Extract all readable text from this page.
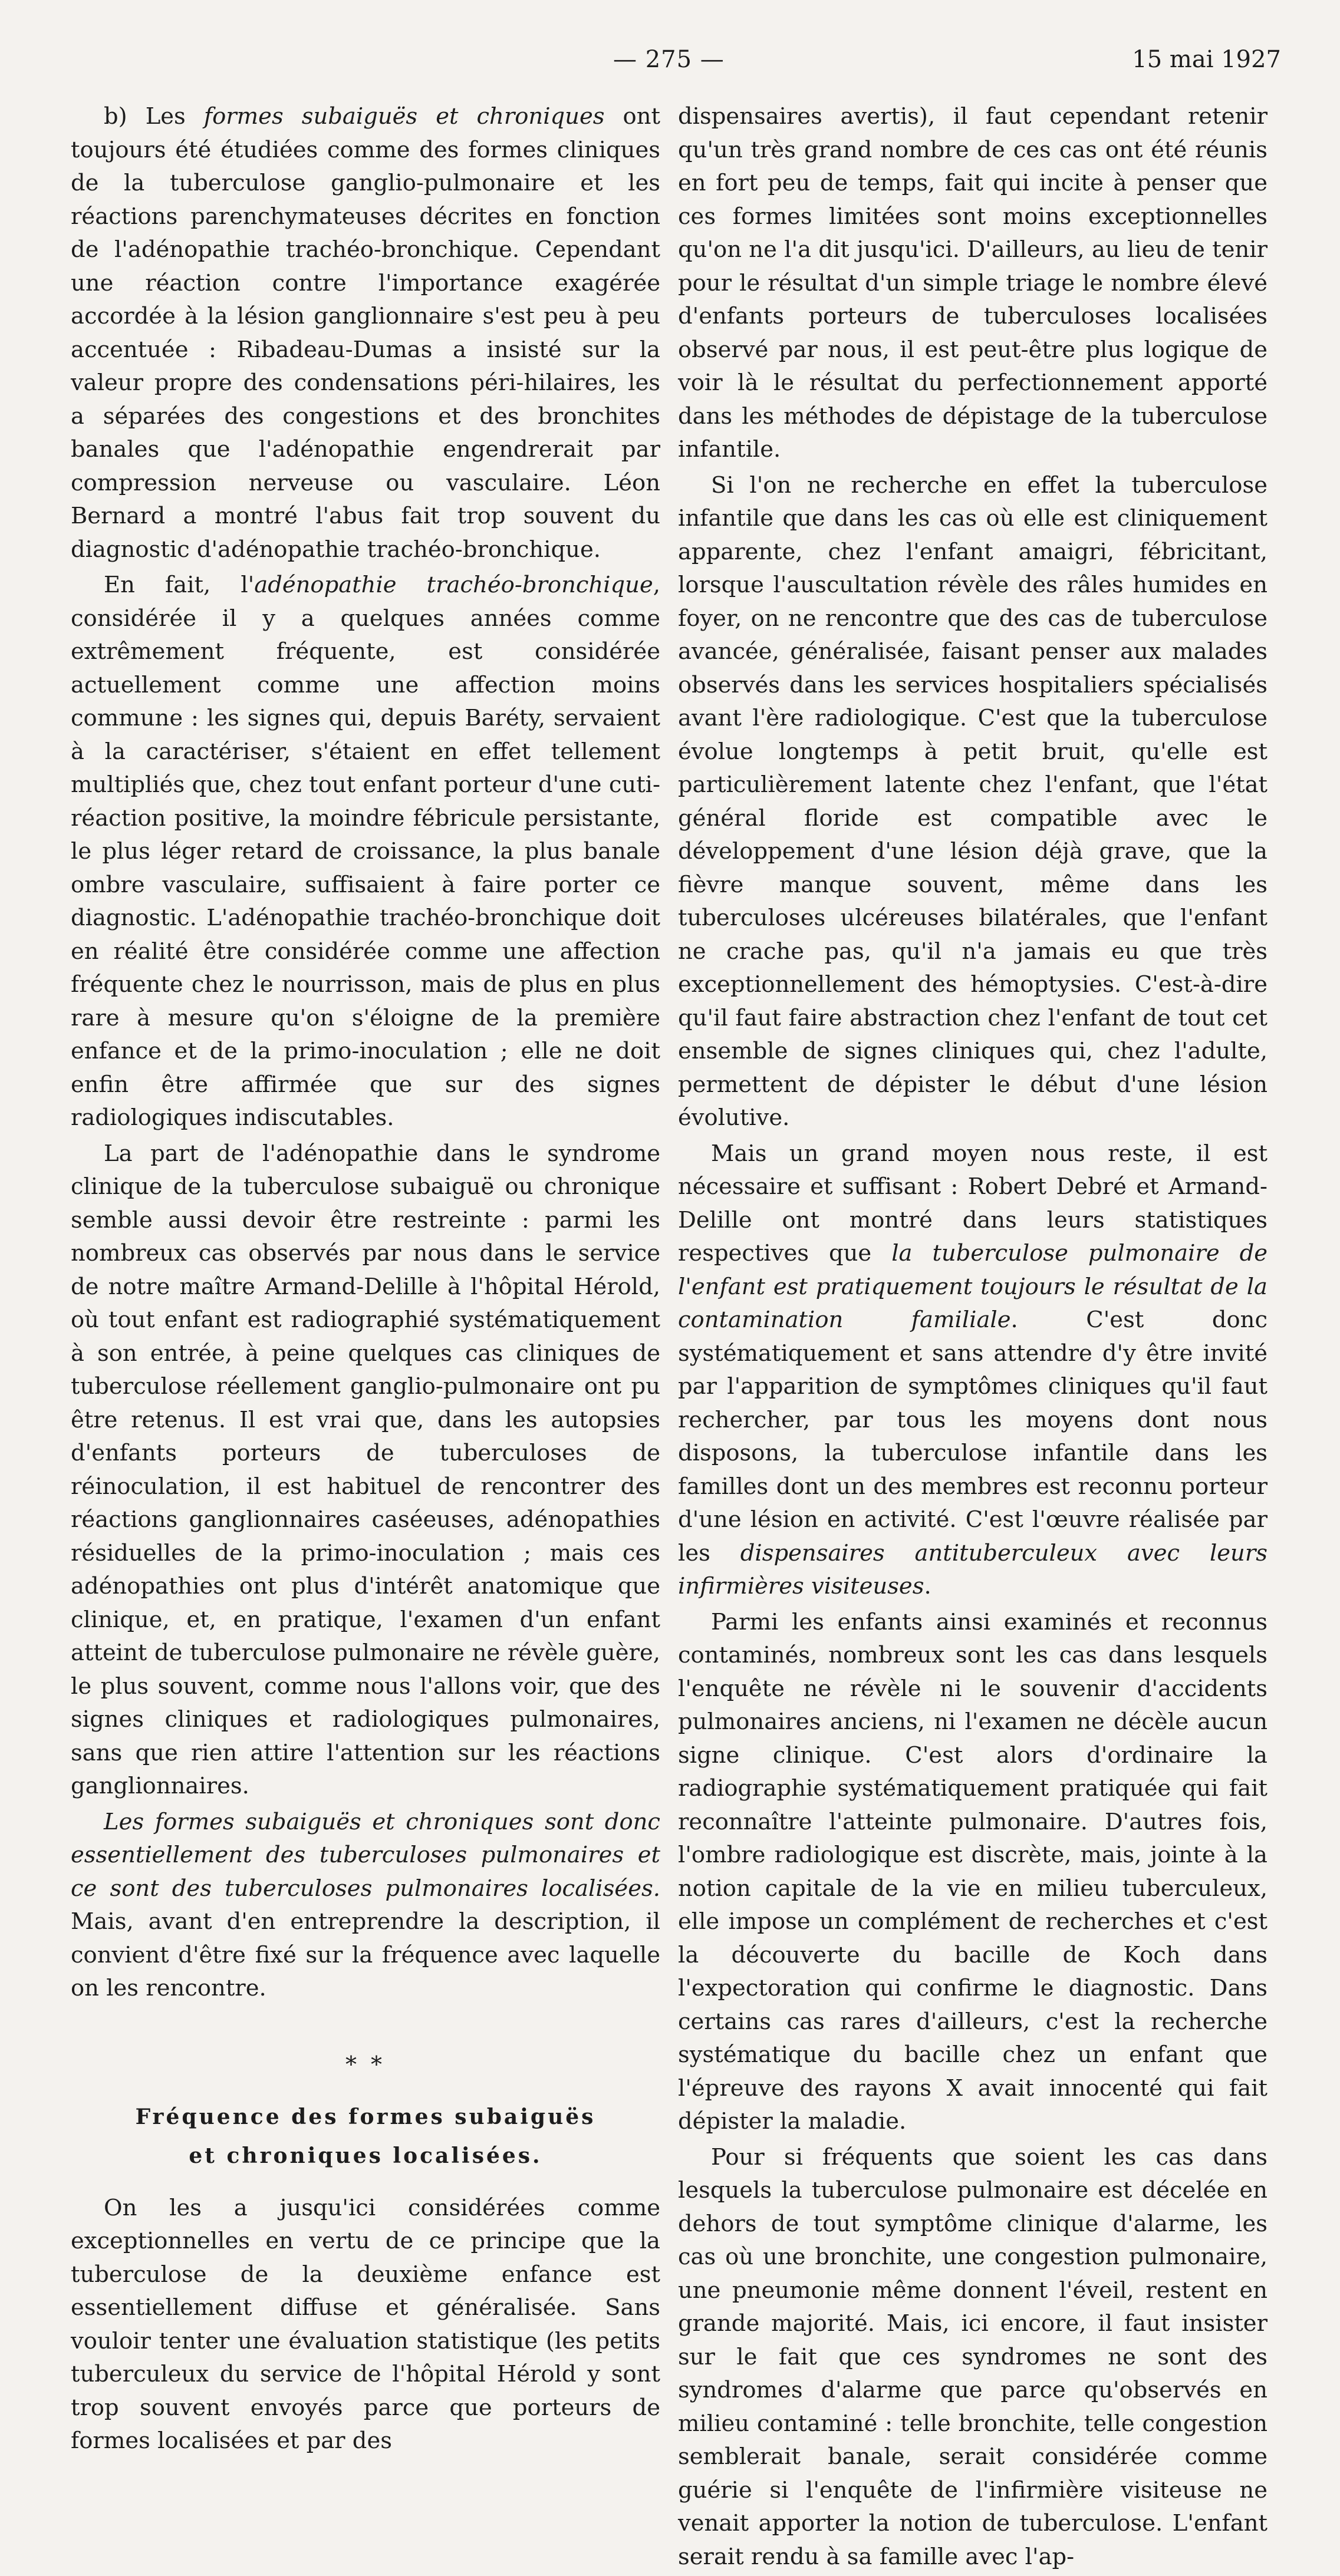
— 275 —	15 mai 1927

b) Les formes subaiguës et chroniques ont toujours été étudiées comme des formes cliniques de la tuberculose ganglio-pulmonaire et les réactions parenchymateuses décrites en fonction de l'adénopathie trachéo-bronchique. Cependant une réaction contre l'importance exagérée accordée à la lésion ganglionnaire s'est peu à peu accentuée : Ribadeau-Dumas a insisté sur la valeur propre des condensations péri-hilaires, les a séparées des congestions et des bronchites banales que l'adénopathie engendrerait par compression nerveuse ou vasculaire. Léon Bernard a montré l'abus fait trop souvent du diagnostic d'adénopathie trachéo-bronchique.

En fait, l'adénopathie trachéo-bronchique, considérée il y a quelques années comme extrêmement fréquente, est considérée actuellement comme une affection moins commune : les signes qui, depuis Baréty, servaient à la caractériser, s'étaient en effet tellement multipliés que, chez tout enfant porteur d'une cuti-réaction positive, la moindre fébricule persistante, le plus léger retard de croissance, la plus banale ombre vasculaire, suffisaient à faire porter ce diagnostic. L'adénopathie trachéo-bronchique doit en réalité être considérée comme une affection fréquente chez le nourrisson, mais de plus en plus rare à mesure qu'on s'éloigne de la première enfance et de la primo-inoculation ; elle ne doit enfin être affirmée que sur des signes radiologiques indiscutables.

La part de l'adénopathie dans le syndrome clinique de la tuberculose subaiguë ou chronique semble aussi devoir être restreinte : parmi les nombreux cas observés par nous dans le service de notre maître Armand-Delille à l'hôpital Hérold, où tout enfant est radiographié systématiquement à son entrée, à peine quelques cas cliniques de tuberculose réellement ganglio-pulmonaire ont pu être retenus. Il est vrai que, dans les autopsies d'enfants porteurs de tuberculoses de réinoculation, il est habituel de rencontrer des réactions ganglionnaires caséeuses, adénopathies résiduelles de la primo-inoculation ; mais ces adénopathies ont plus d'intérêt anatomique que clinique, et, en pratique, l'examen d'un enfant atteint de tuberculose pulmonaire ne révèle guère, le plus souvent, comme nous l'allons voir, que des signes cliniques et radiologiques pulmonaires, sans que rien attire l'attention sur les réactions ganglionnaires.

Les formes subaiguës et chroniques sont donc essentiellement des tuberculoses pulmonaires et ce sont des tuberculoses pulmonaires localisées. Mais, avant d'en entreprendre la description, il convient d'être fixé sur la fréquence avec laquelle on les rencontre.

* *
Fréquence des formes subaiguës
et chroniques localisées.

On les a jusqu'ici considérées comme exceptionnelles en vertu de ce principe que la tuberculose de la deuxième enfance est essentiellement diffuse et généralisée. Sans vouloir tenter une évaluation statistique (les petits tuberculeux du service de l'hôpital Hérold y sont trop souvent envoyés parce que porteurs de formes localisées et par des

dispensaires avertis), il faut cependant retenir qu'un très grand nombre de ces cas ont été réunis en fort peu de temps, fait qui incite à penser que ces formes limitées sont moins exceptionnelles qu'on ne l'a dit jusqu'ici. D'ailleurs, au lieu de tenir pour le résultat d'un simple triage le nombre élevé d'enfants porteurs de tuberculoses localisées observé par nous, il est peut-être plus logique de voir là le résultat du perfectionnement apporté dans les méthodes de dépistage de la tuberculose infantile.

Si l'on ne recherche en effet la tuberculose infantile que dans les cas où elle est cliniquement apparente, chez l'enfant amaigri, fébricitant, lorsque l'auscultation révèle des râles humides en foyer, on ne rencontre que des cas de tuberculose avancée, généralisée, faisant penser aux malades observés dans les services hospitaliers spécialisés avant l'ère radiologique. C'est que la tuberculose évolue longtemps à petit bruit, qu'elle est particulièrement latente chez l'enfant, que l'état général floride est compatible avec le développement d'une lésion déjà grave, que la fièvre manque souvent, même dans les tuberculoses ulcéreuses bilatérales, que l'enfant ne crache pas, qu'il n'a jamais eu que très exceptionnellement des hémoptysies. C'est-à-dire qu'il faut faire abstraction chez l'enfant de tout cet ensemble de signes cliniques qui, chez l'adulte, permettent de dépister le début d'une lésion évolutive.

Mais un grand moyen nous reste, il est nécessaire et suffisant : Robert Debré et Armand-Delille ont montré dans leurs statistiques respectives que la tuberculose pulmonaire de l'enfant est pratiquement toujours le résultat de la contamination familiale. C'est donc systématiquement et sans attendre d'y être invité par l'apparition de symptômes cliniques qu'il faut rechercher, par tous les moyens dont nous disposons, la tuberculose infantile dans les familles dont un des membres est reconnu porteur d'une lésion en activité. C'est l'œuvre réalisée par les dispensaires antituberculeux avec leurs infirmières visiteuses.

Parmi les enfants ainsi examinés et reconnus contaminés, nombreux sont les cas dans lesquels l'enquête ne révèle ni le souvenir d'accidents pulmonaires anciens, ni l'examen ne décèle aucun signe clinique. C'est alors d'ordinaire la radiographie systématiquement pratiquée qui fait reconnaître l'atteinte pulmonaire. D'autres fois, l'ombre radiologique est discrète, mais, jointe à la notion capitale de la vie en milieu tuberculeux, elle impose un complément de recherches et c'est la découverte du bacille de Koch dans l'expectoration qui confirme le diagnostic. Dans certains cas rares d'ailleurs, c'est la recherche systématique du bacille chez un enfant que l'épreuve des rayons X avait innocenté qui fait dépister la maladie.

Pour si fréquents que soient les cas dans lesquels la tuberculose pulmonaire est décelée en dehors de tout symptôme clinique d'alarme, les cas où une bronchite, une congestion pulmonaire, une pneumonie même donnent l'éveil, restent en grande majorité. Mais, ici encore, il faut insister sur le fait que ces syndromes ne sont des syndromes d'alarme que parce qu'observés en milieu contaminé : telle bronchite, telle congestion semblerait banale, serait considérée comme guérie si l'enquête de l'infirmière visiteuse ne venait apporter la notion de tuberculose. L'enfant serait rendu à sa famille avec l'ap-
